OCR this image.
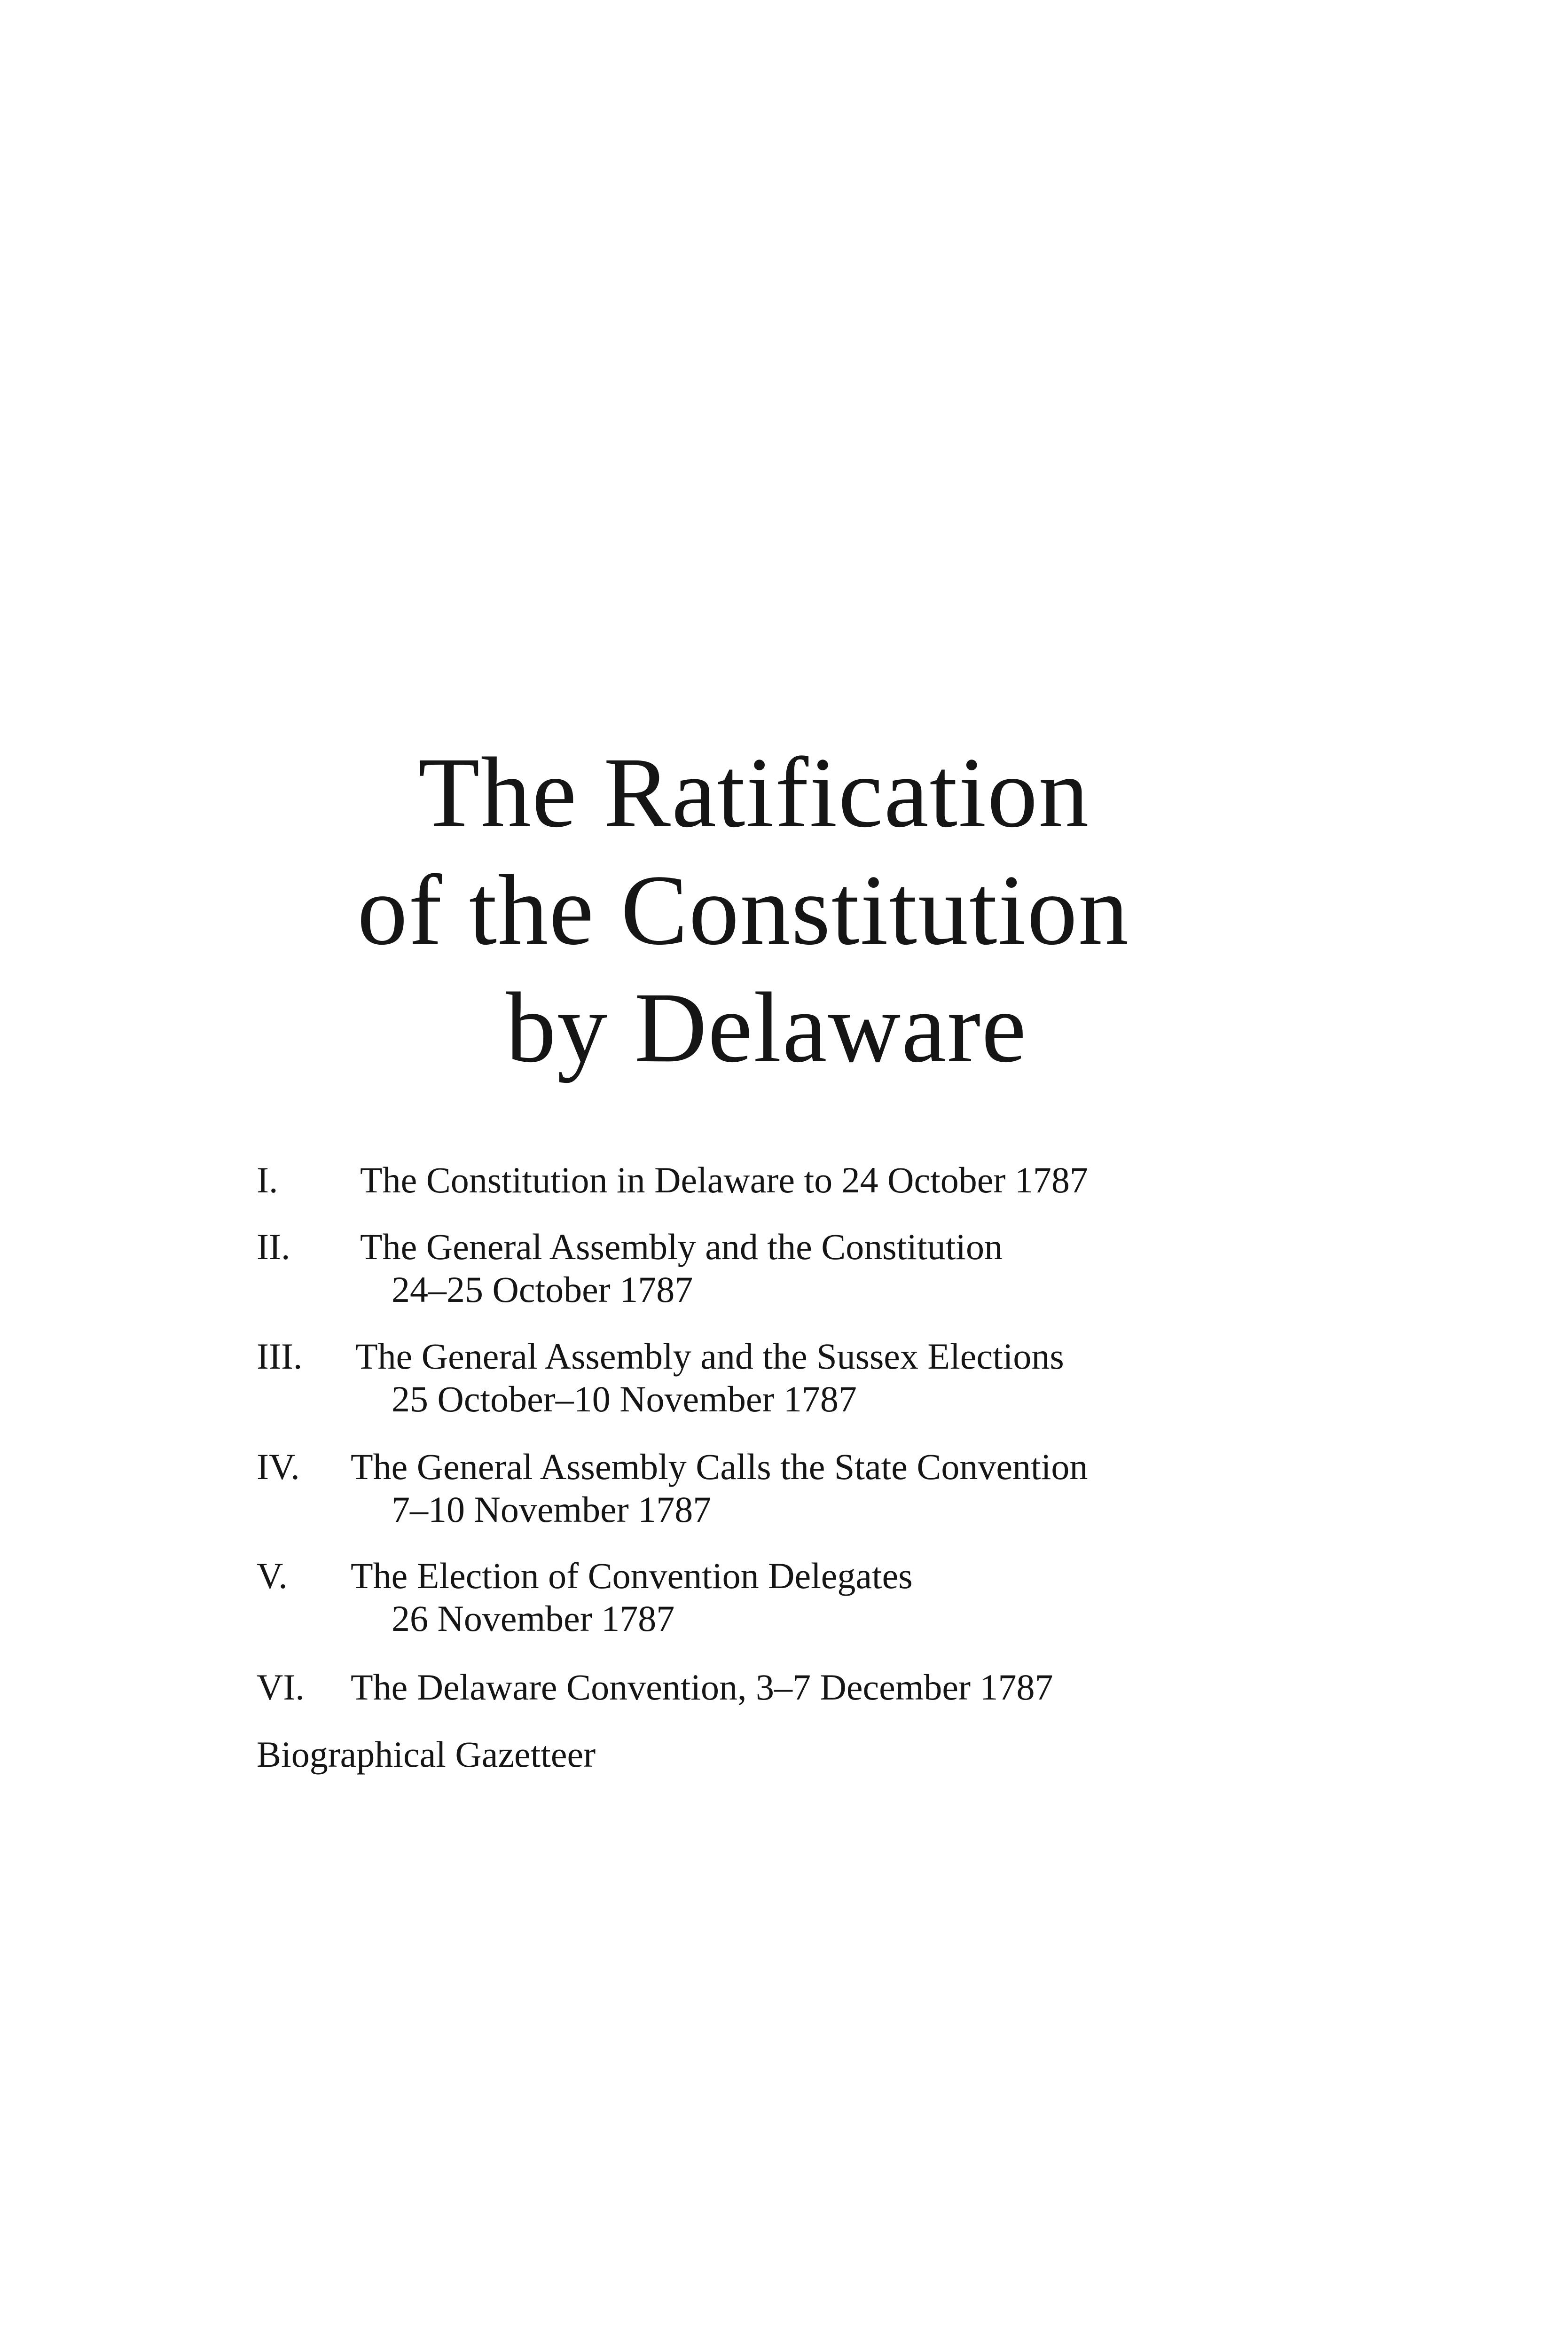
The Ratification
of the Constitution
by Delaware
I. The Constitution in Delaware to 24 October 1787
II. The General Assembly and the Constitution
24–25 October 1787
III. The General Assembly and the Sussex Elections
25 October–10 November 1787
IV. The General Assembly Calls the State Convention
7–10 November 1787
V. The Election of Convention Delegates
26 November 1787
VI. The Delaware Convention, 3–7 December 1787
Biographical Gazetteer
